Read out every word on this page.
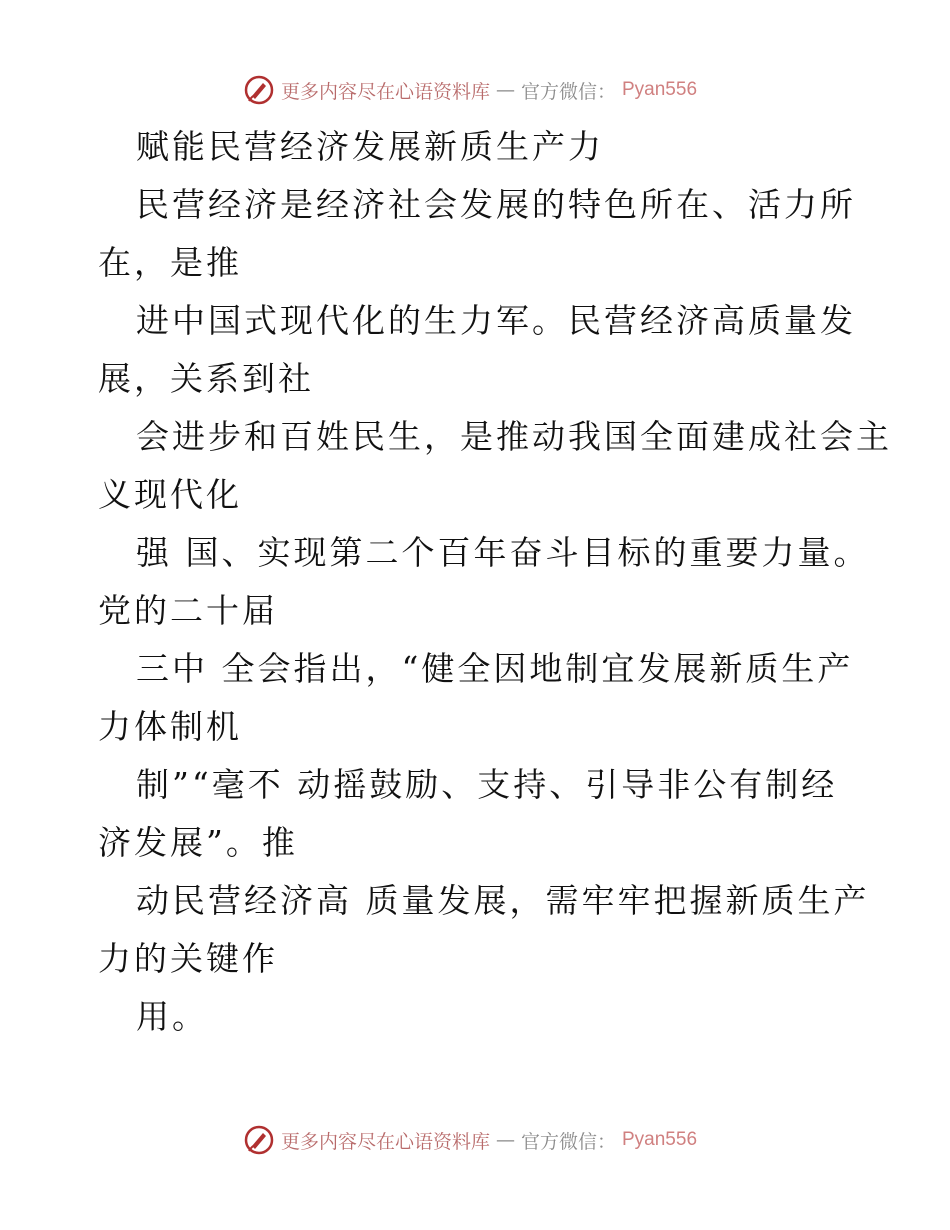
更多内容尽在心语资料库 — 官方微信： Pyan556
赋能民营经济发展新质生产力
民营经济是经济社会发展的特色所在、活力所
在，是推
进中国式现代化的生力军。民营经济高质量发
展，关系到社
会进步和百姓民生，是推动我国全面建成社会主
义现代化
强 国、实现第二个百年奋斗目标的重要力量。
党的二十届
三中 全会指出，“健全因地制宜发展新质生产
力体制机
制”“毫不 动摇鼓励、支持、引导非公有制经
济发展”。推
动民营经济高 质量发展，需牢牢把握新质生产
力的关键作
用。
更多内容尽在心语资料库 — 官方微信： Pyan556
